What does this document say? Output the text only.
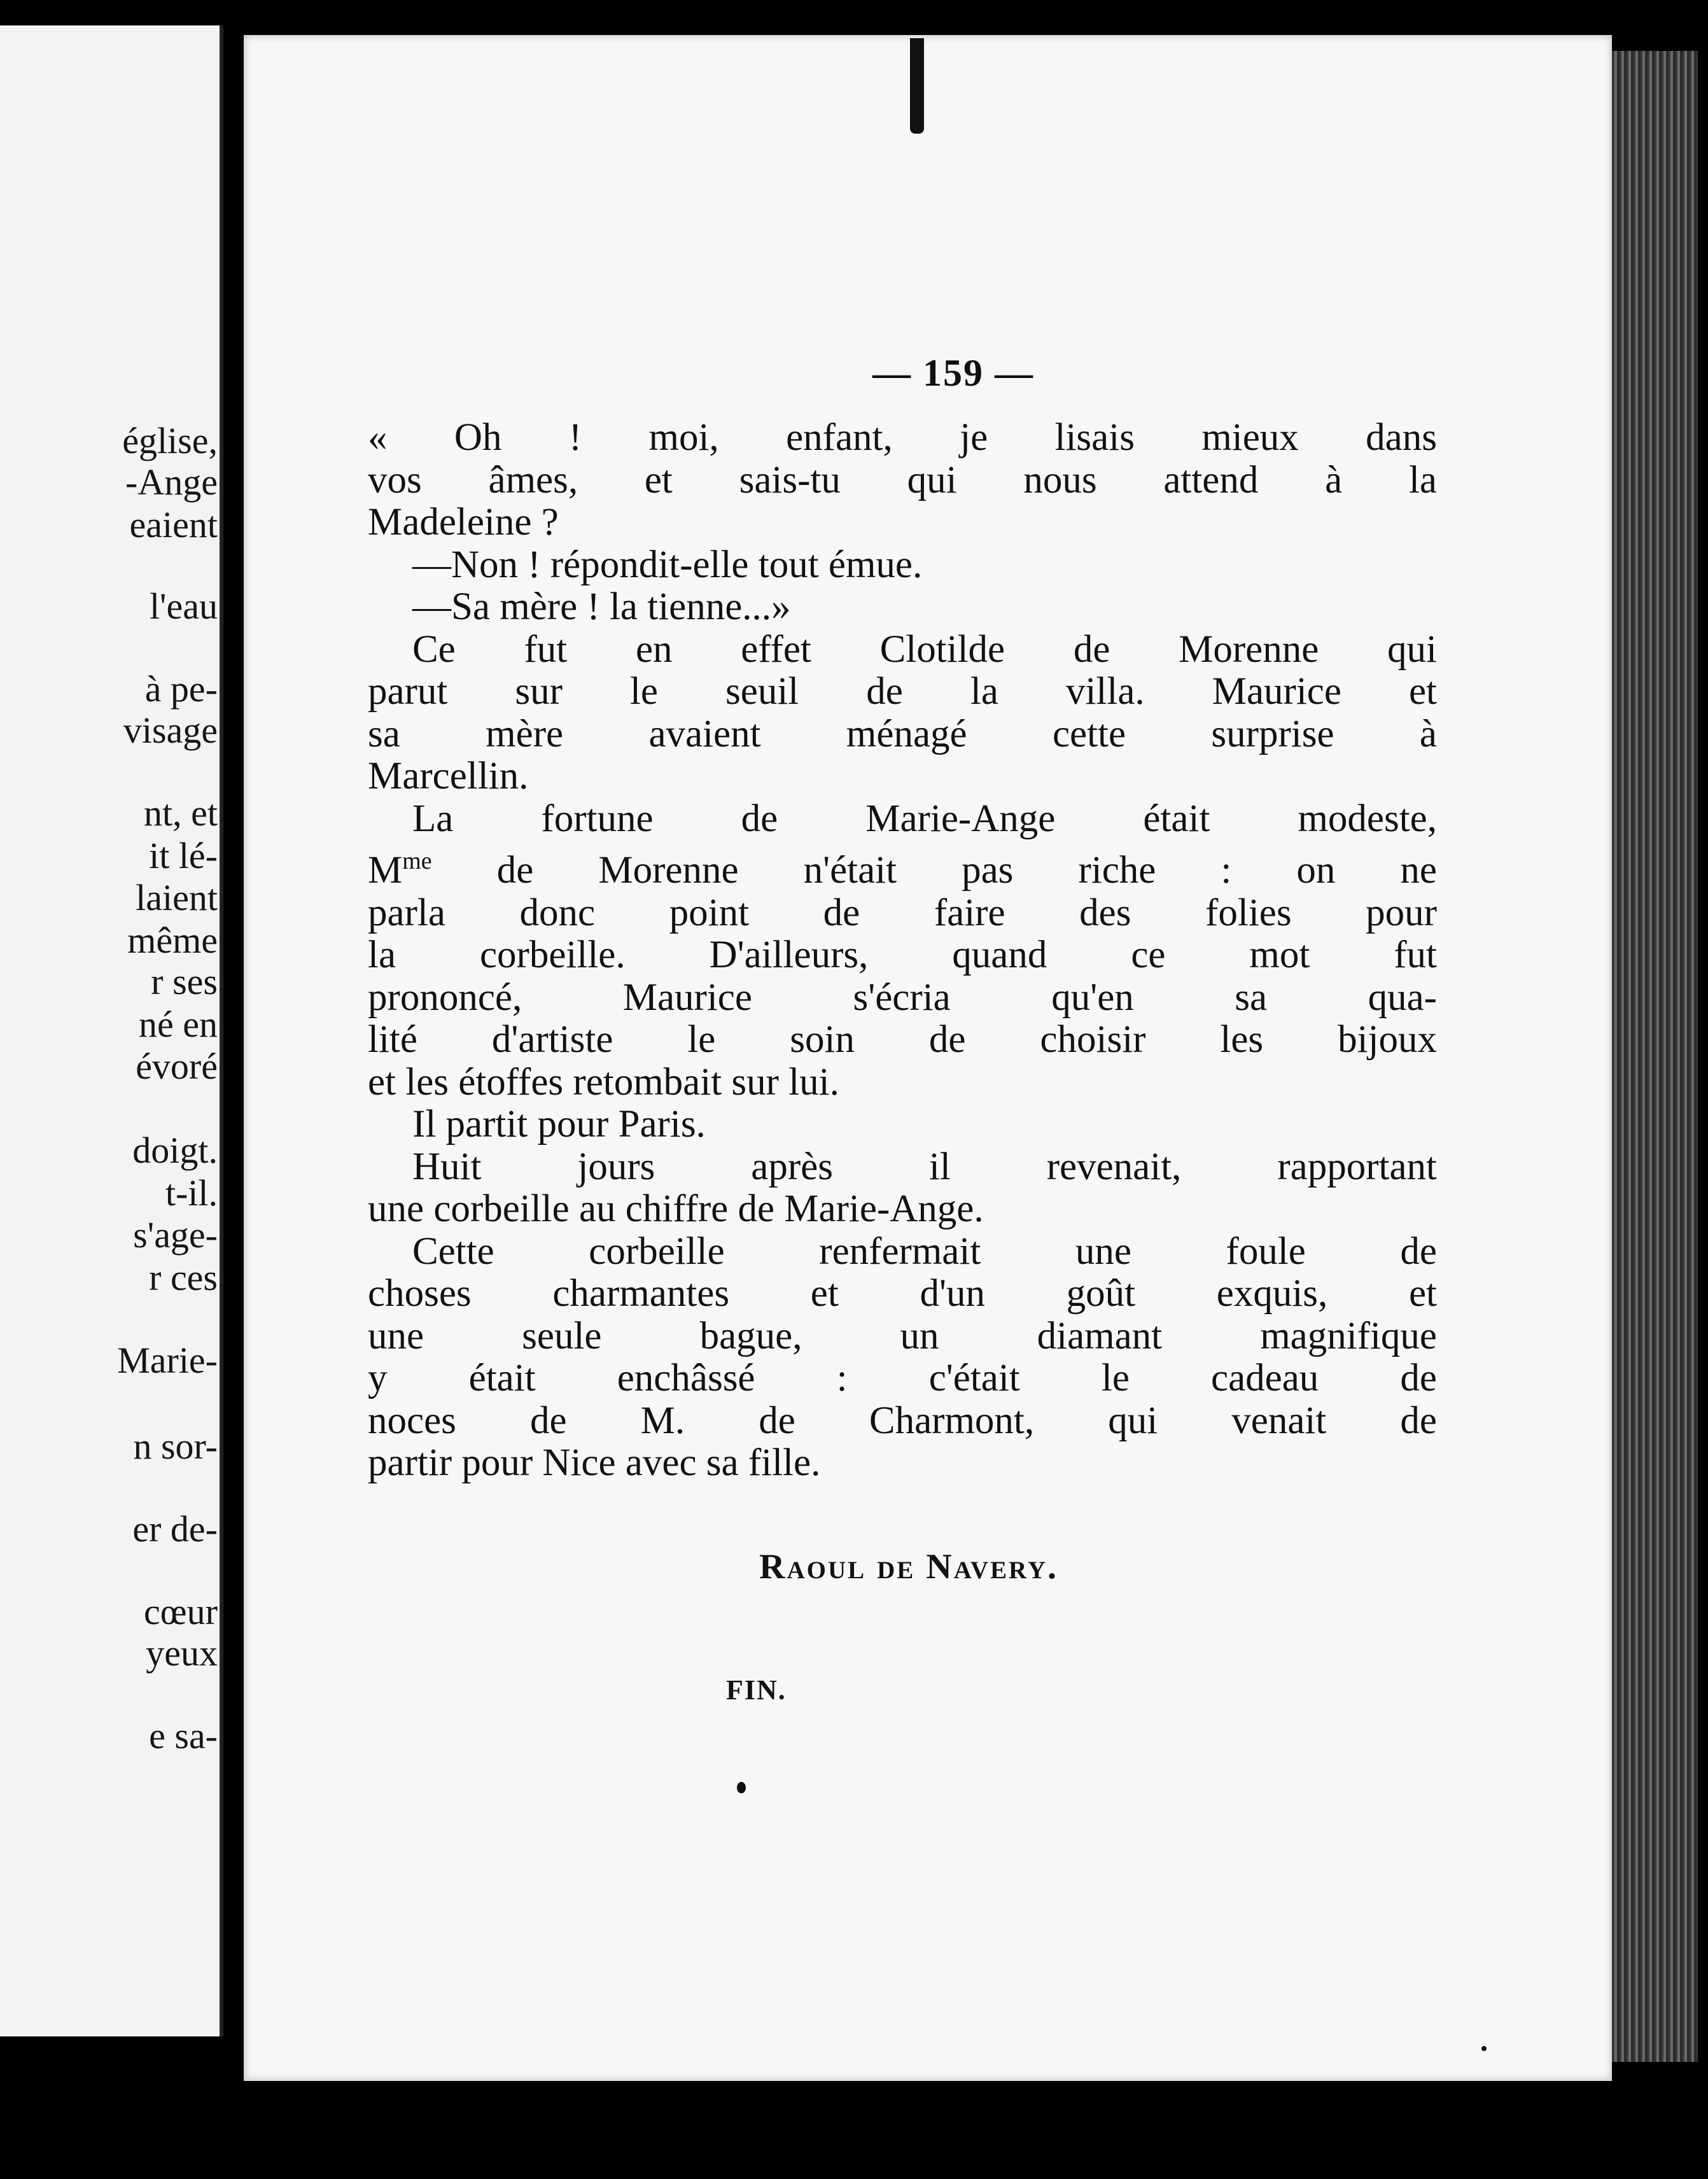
église,
-Ange
eaient
l'eau
à pe-
visage
nt, et
it lé-
laient
même
r ses
né en
évoré
doigt.
t-il.
s'age-
r ces
Marie-
n sor-
er de-
cœur
yeux
e sa-
— 159 —
« Oh ! moi, enfant, je lisais mieux dans
vos âmes, et sais-tu qui nous attend à la
Madeleine ?
—Non ! répondit-elle tout émue.
—Sa mère ! la tienne...»
Ce fut en effet Clotilde de Morenne qui
parut sur le seuil de la villa. Maurice et
sa mère avaient ménagé cette surprise à
Marcellin.
La fortune de Marie-Ange était modeste,
$M^{me}$ de Morenne n'était pas riche : on ne
parla donc point de faire des folies pour
la corbeille. D'ailleurs, quand ce mot fut
prononcé, Maurice s'écria qu'en sa qua-
lité d'artiste le soin de choisir les bijoux
et les étoffes retombait sur lui.
Il partit pour Paris.
Huit jours après il revenait, rapportant
une corbeille au chiffre de Marie-Ange.
Cette corbeille renfermait une foule de
choses charmantes et d'un goût exquis, et
une seule bague, un diamant magnifique
y était enchâssé : c'était le cadeau de
noces de M. de Charmont, qui venait de
partir pour Nice avec sa fille.
Raoul de Navery.
FIN.
